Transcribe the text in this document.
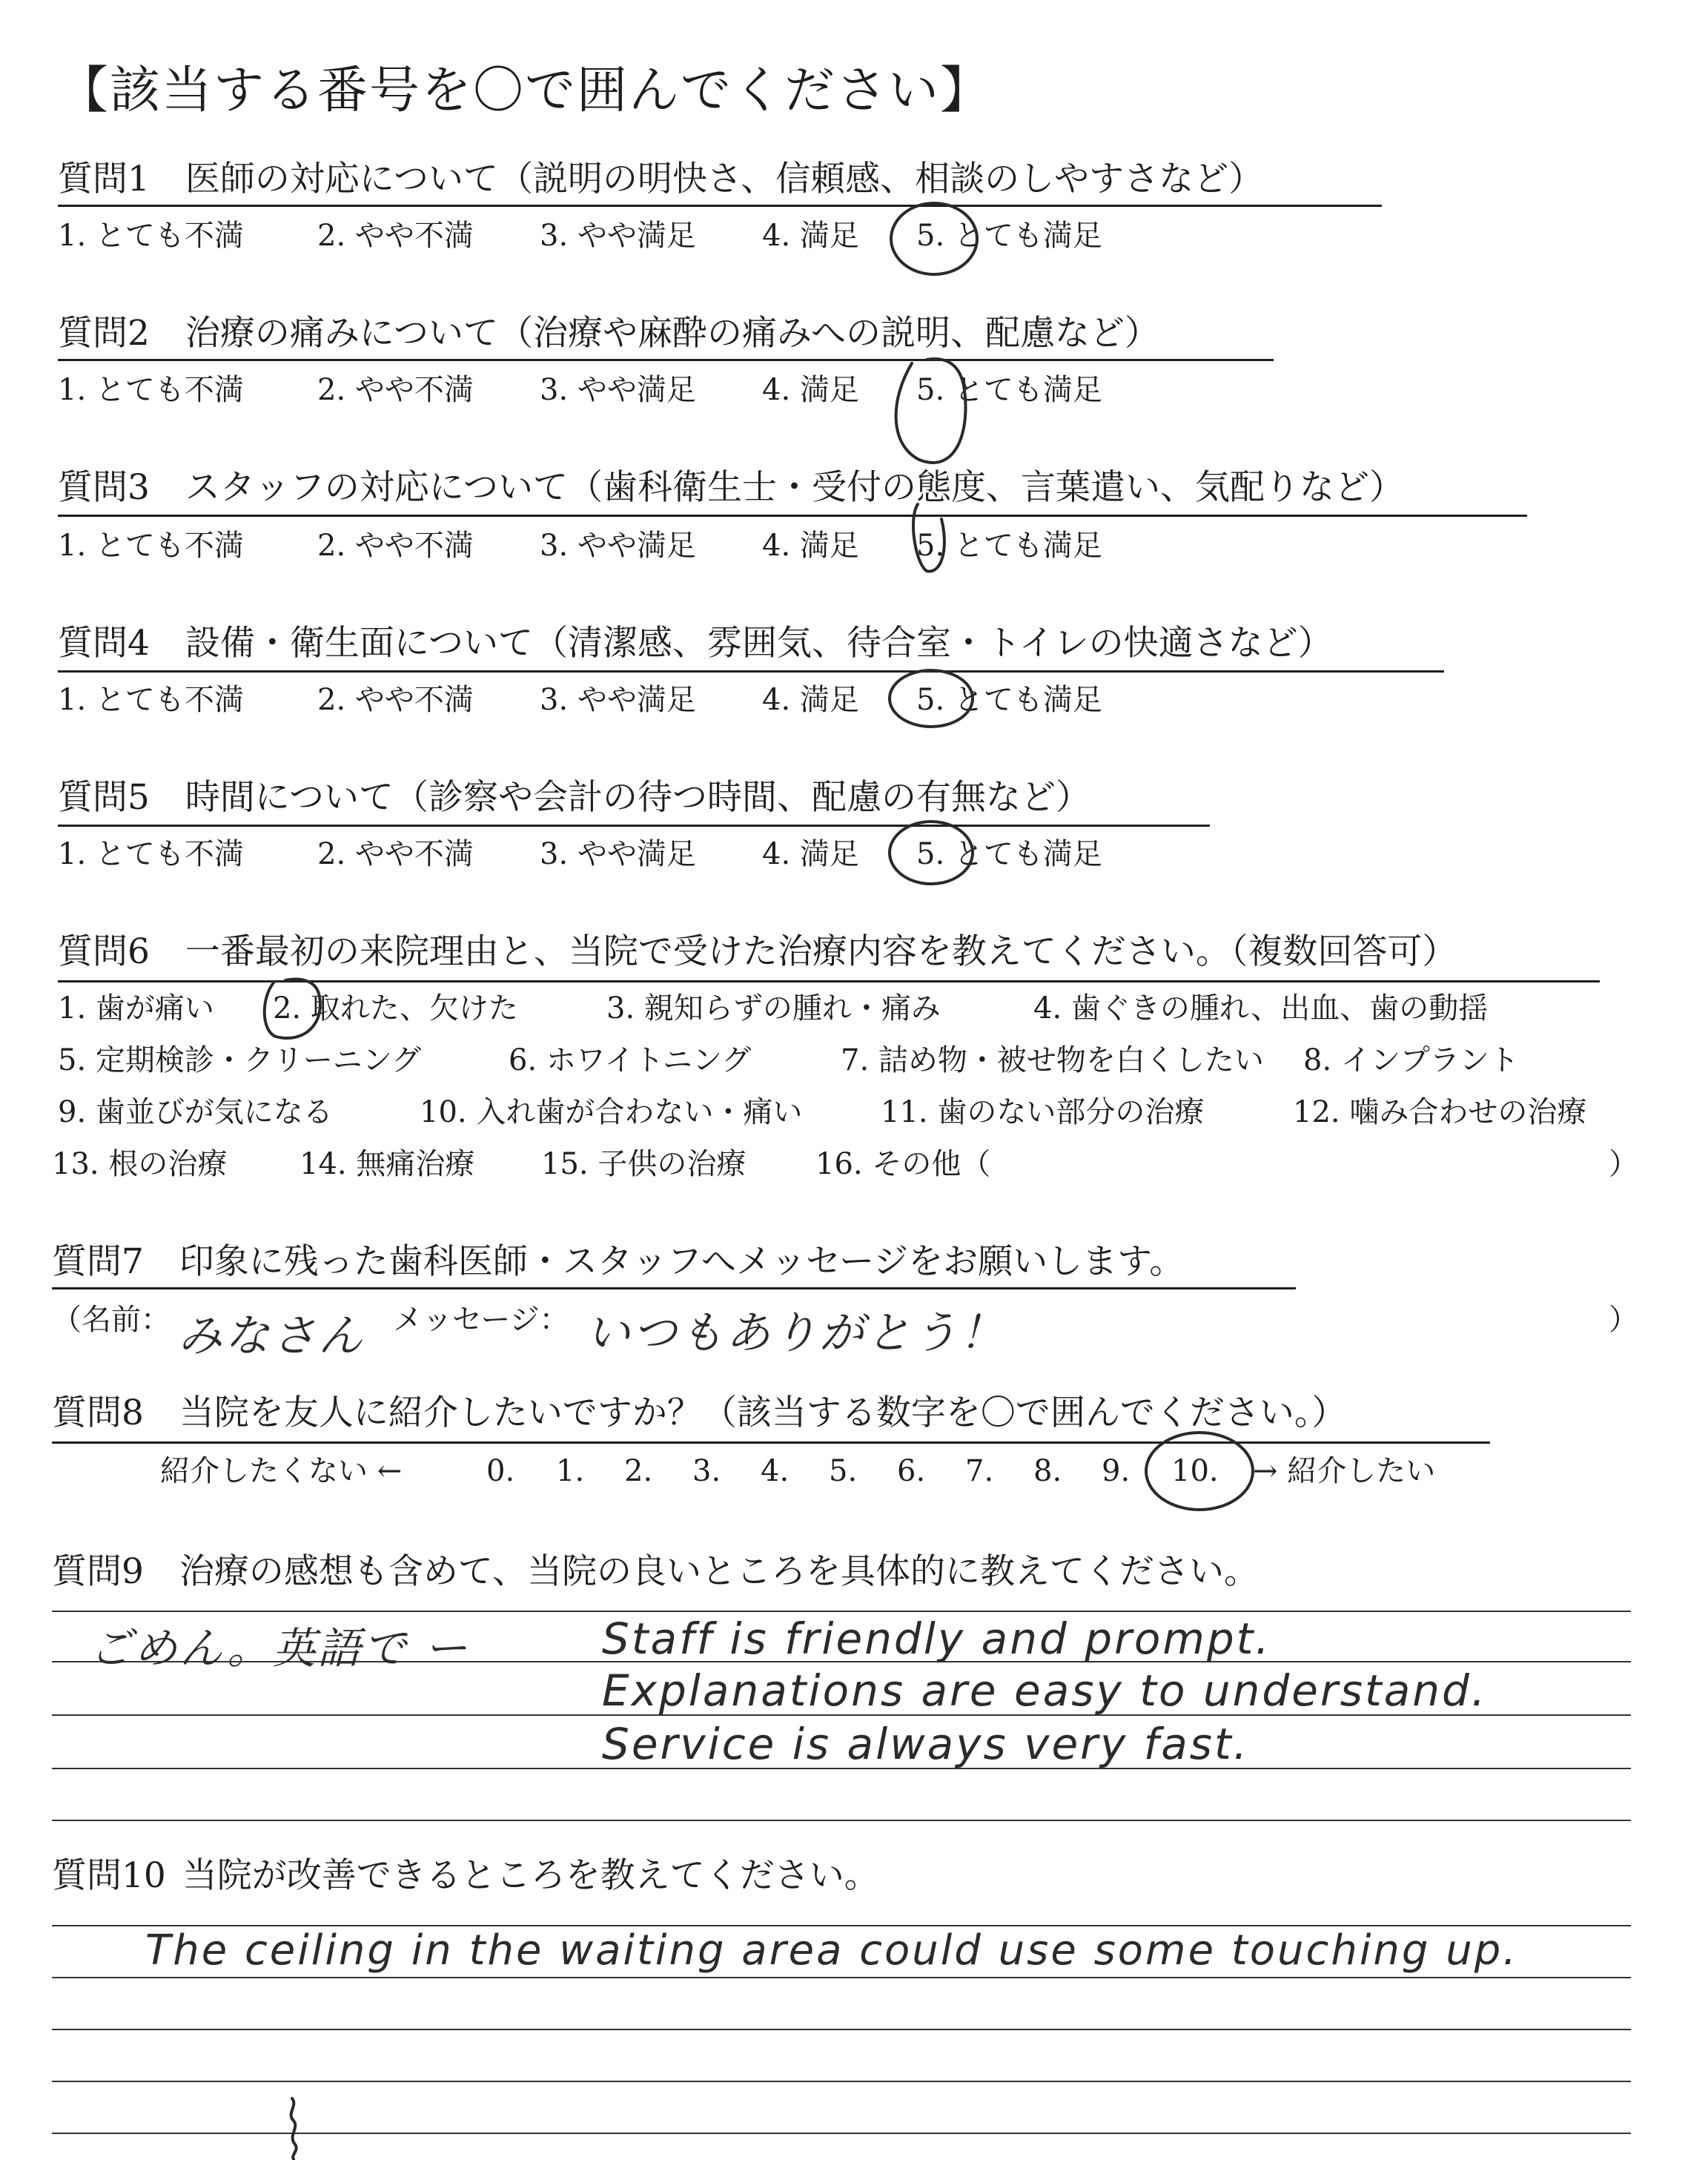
【該当する番号を〇で囲んでください】
質問1 医師の対応について（説明の明快さ、信頼感、相談のしやすさなど）
1. とても不満 2. やや不満 3. やや満足 4. 満足 5. とても満足
質問2 治療の痛みについて（治療や麻酔の痛みへの説明、配慮など）
1. とても不満 2. やや不満 3. やや満足 4. 満足 5. とても満足
質問3 スタッフの対応について（歯科衛生士・受付の態度、言葉遣い、気配りなど）
1. とても不満 2. やや不満 3. やや満足 4. 満足 5. とても満足
質問4 設備・衛生面について（清潔感、雰囲気、待合室・トイレの快適さなど）
1. とても不満 2. やや不満 3. やや満足 4. 満足 5. とても満足
質問5 時間について（診察や会計の待つ時間、配慮の有無など）
1. とても不満 2. やや不満 3. やや満足 4. 満足 5. とても満足
質問6 一番最初の来院理由と、当院で受けた治療内容を教えてください。（複数回答可）
1. 歯が痛い 2. 取れた、欠けた	3. 親知らずの腫れ・痛み	4. 歯ぐきの腫れ、出血、歯の動揺
5. 定期検診・クリーニング	6. ホワイトニング	7. 詰め物・被せ物を白くしたい 8. インプラント
9. 歯並びが気になる	10. 入れ歯が合わない・痛い	11. 歯のない部分の治療	12. 噛み合わせの治療
13. 根の治療 14. 無痛治療 15. 子供の治療 16. その他（	）
質問7 印象に残った歯科医師・スタッフへメッセージをお願いします。
（名前： みなさん メッセージ： いつもありがとう！	）
質問8 当院を友人に紹介したいですか？（該当する数字を〇で囲んでください。）
紹介したくない ←	0. 1. 2. 3. 4. 5. 6. 7. 8. 9. 10. → 紹介したい
質問9 治療の感想も含めて、当院の良いところを具体的に教えてください。
ごめん。英語で ー	Staff is friendly and prompt.
Explanations are easy to understand.
Service is always very fast.
質問10 当院が改善できるところを教えてください。
The ceiling in the waiting area could use some touching up.
